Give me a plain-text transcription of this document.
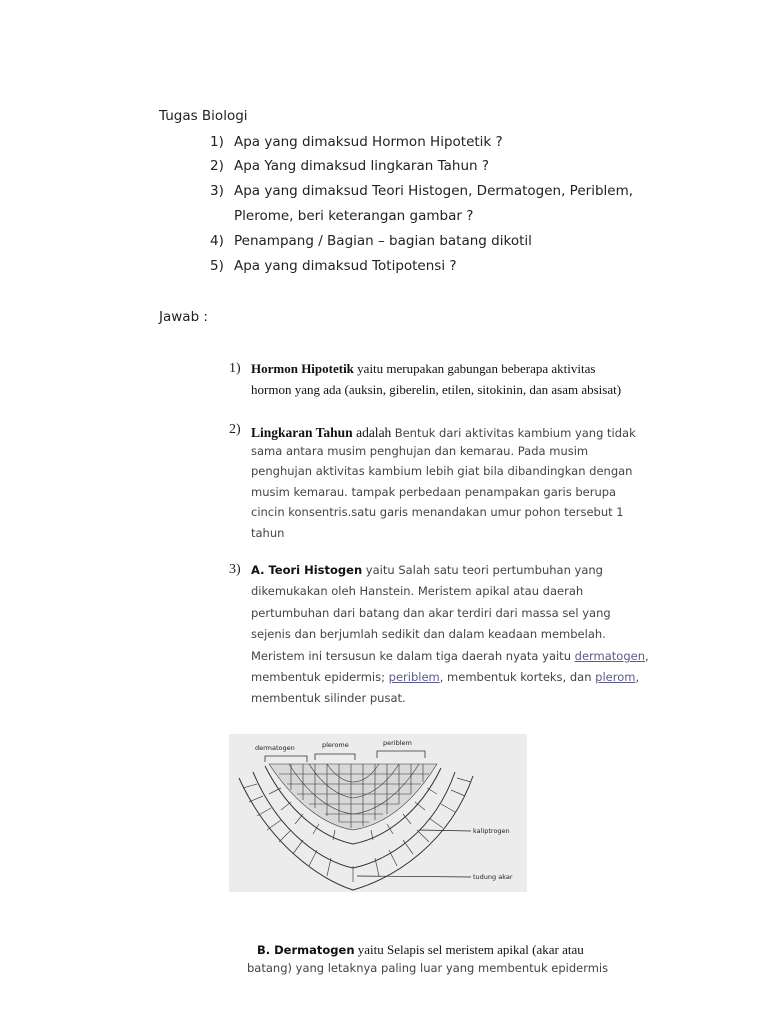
Tugas Biologi
1) Apa yang dimaksud Hormon Hipotetik ?
2) Apa Yang dimaksud lingkaran Tahun ?
3) Apa yang dimaksud Teori Histogen, Dermatogen, Periblem,
Plerome, beri keterangan gambar ?
4) Penampang / Bagian – bagian batang dikotil
5) Apa yang dimaksud Totipotensi ?
Jawab :
1) Hormon Hipotetik yaitu merupakan gabungan beberapa aktivitas
hormon yang ada (auksin, giberelin, etilen, sitokinin, dan asam absisat)
2) Lingkaran Tahun adalah Bentuk dari aktivitas kambium yang tidak
sama antara musim penghujan dan kemarau. Pada musim
penghujan aktivitas kambium lebih giat bila dibandingkan dengan
musim kemarau. tampak perbedaan penampakan garis berupa
cincin konsentris.satu garis menandakan umur pohon tersebut 1
tahun
3) A. Teori Histogen yaitu Salah satu teori pertumbuhan yang
dikemukakan oleh Hanstein. Meristem apikal atau daerah
pertumbuhan dari batang dan akar terdiri dari massa sel yang
sejenis dan berjumlah sedikit dan dalam keadaan membelah.
Meristem ini tersusun ke dalam tiga daerah nyata yaitu dermatogen,
membentuk epidermis; periblem, membentuk korteks, dan plerom,
membentuk silinder pusat.
dermatogen	plerome	periblem
kaliptrogen
tudung akar
B. Dermatogen yaitu Selapis sel meristem apikal (akar atau
batang) yang letaknya paling luar yang membentuk epidermis
